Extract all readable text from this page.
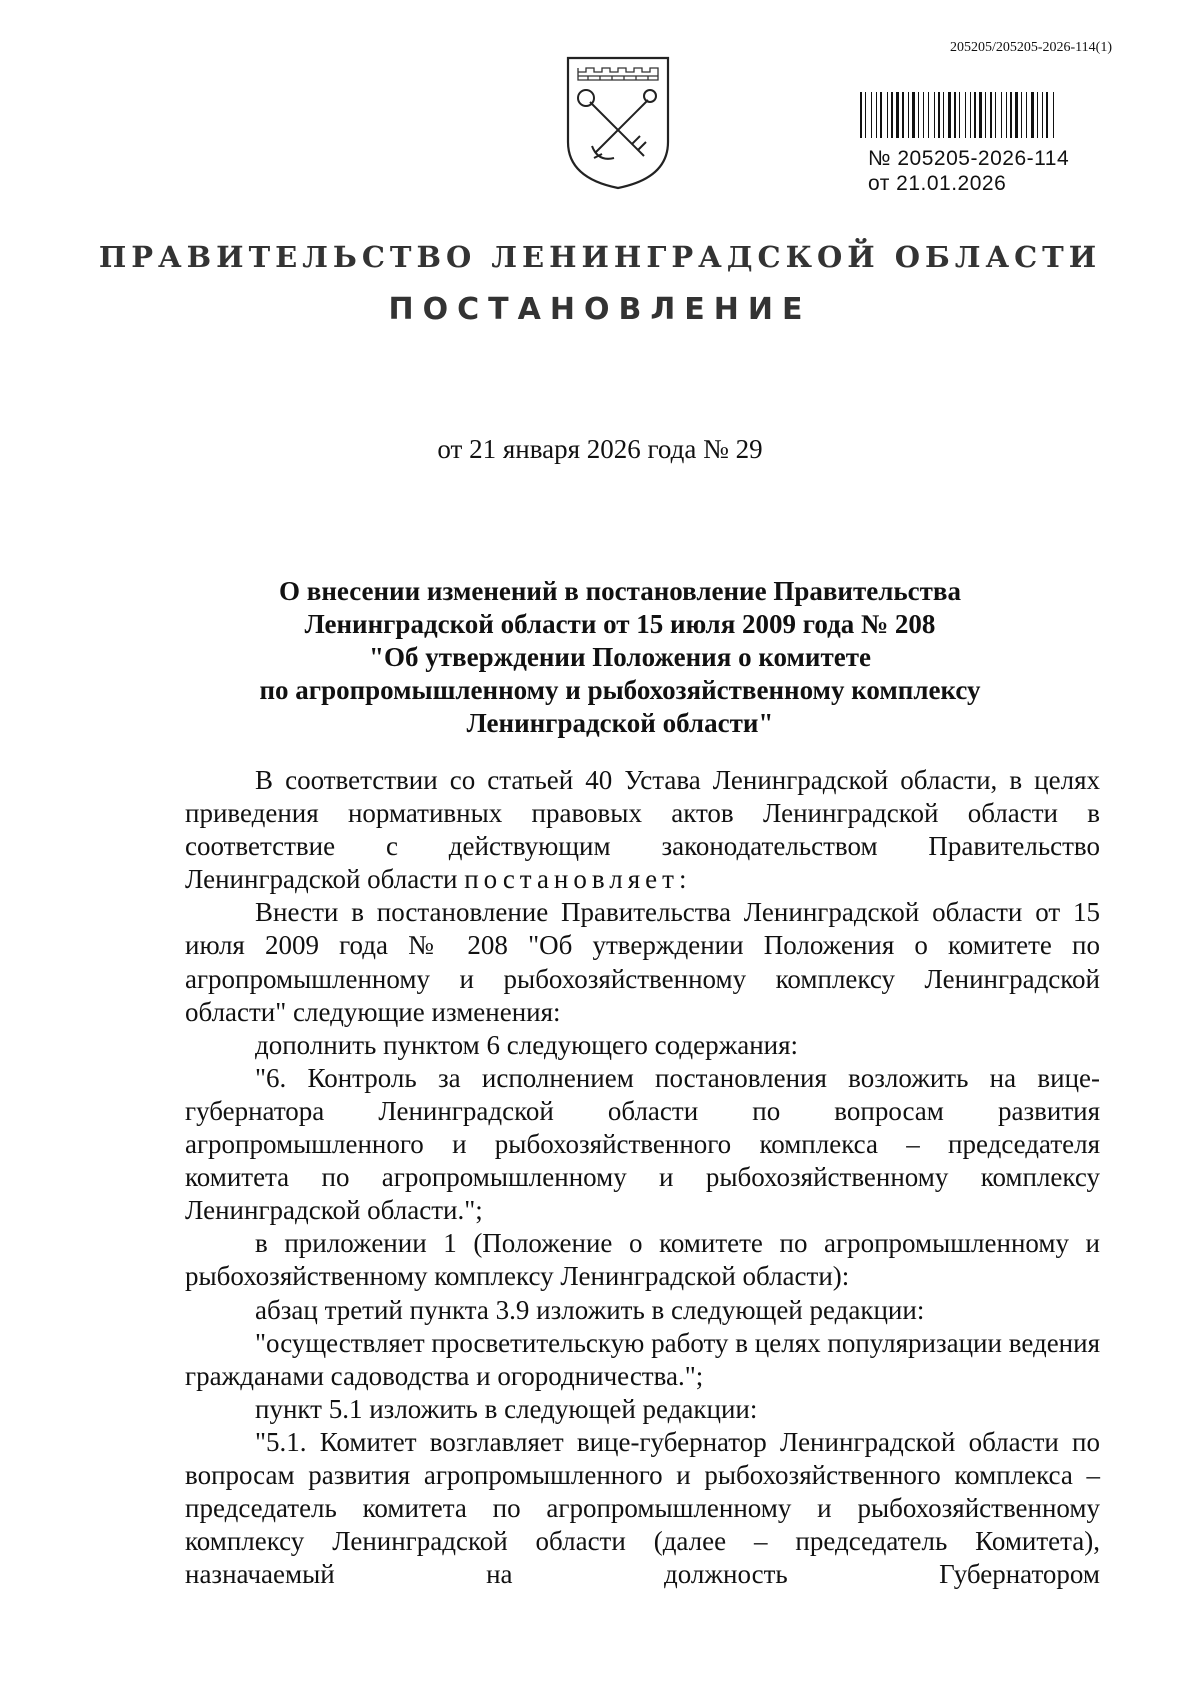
205205/205205-2026-114(1)
№ 205205-2026-114
от 21.01.2026
ПРАВИТЕЛЬСТВО ЛЕНИНГРАДСКОЙ ОБЛАСТИ
ПОСТАНОВЛЕНИЕ
от 21 января 2026 года № 29
О внесении изменений в постановление Правительства
Ленинградской области от 15 июля 2009 года № 208
"Об утверждении Положения о комитете
по агропромышленному и рыбохозяйственному комплексу
Ленинградской области"

В соответствии со статьей 40 Устава Ленинградской области, в целях приведения нормативных правовых актов Ленинградской области в соответствие с действующим законодательством Правительство Ленинградской области постановляет:

Внести в постановление Правительства Ленинградской области от 15 июля 2009 года № 208 "Об утверждении Положения о комитете по агропромышленному и рыбохозяйственному комплексу Ленинградской области" следующие изменения:

дополнить пунктом 6 следующего содержания:

"6. Контроль за исполнением постановления возложить на вице-губернатора Ленинградской области по вопросам развития агропромышленного и рыбохозяйственного комплекса – председателя комитета по агропромышленному и рыбохозяйственному комплексу Ленинградской области.";

в приложении 1 (Положение о комитете по агропромышленному и рыбохозяйственному комплексу Ленинградской области):

абзац третий пункта 3.9 изложить в следующей редакции:

"осуществляет просветительскую работу в целях популяризации ведения гражданами садоводства и огородничества.";

пункт 5.1 изложить в следующей редакции:

"5.1. Комитет возглавляет вице-губернатор Ленинградской области по вопросам развития агропромышленного и рыбохозяйственного комплекса – председатель комитета по агропромышленному и рыбохозяйственному комплексу Ленинградской области (далее – председатель Комитета), назначаемый на должность Губернатором
